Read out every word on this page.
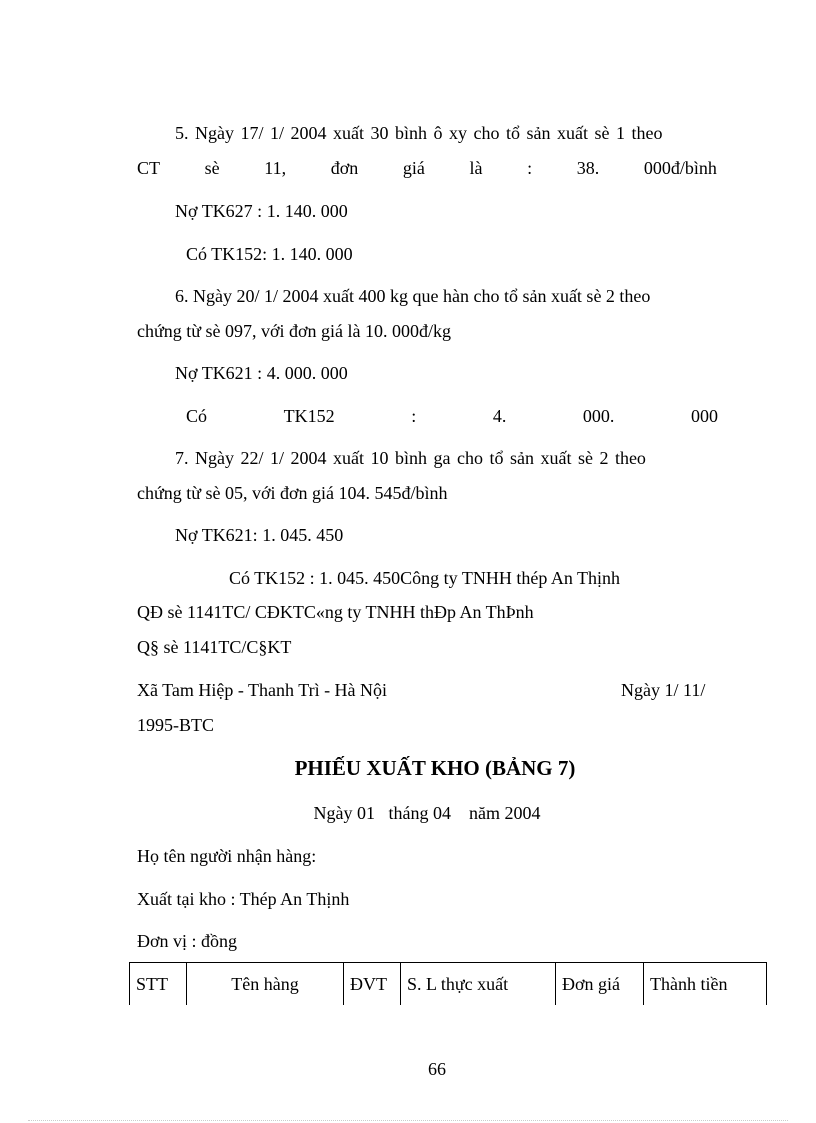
5. Ngày 17/ 1/ 2004 xuất 30 bình ô xy cho tổ sản xuất sè 1 theo
CT sè 11, đơn giá là : 38. 000đ/bình
Nợ TK627 : 1. 140. 000
Có TK152: 1. 140. 000
6. Ngày 20/ 1/ 2004 xuất 400 kg que hàn cho tổ sản xuất sè 2 theo
chứng từ sè 097, với đơn giá là 10. 000đ/kg
Nợ TK621 : 4. 000. 000
Có	TK152	:	4.	000.	000
7. Ngày 22/ 1/ 2004 xuất 10 bình ga cho tổ sản xuất sè 2 theo
chứng từ sè 05, với đơn giá 104. 545đ/bình
Nợ TK621: 1. 045. 450
Có TK152 : 1. 045. 450Công ty TNHH thép An Thịnh
QĐ sè 1141TC/ CĐKTC«ng ty TNHH thÐp An ThÞnh
Q§ sè 1141TC/C§KT
Xã Tam Hiệp - Thanh Trì - Hà Nội	Ngày 1/ 11/
1995-BTC
PHIẾU XUẤT KHO (BẢNG 7)
Ngày 01   tháng 04    năm 2004
Họ tên người nhận hàng:
Xuất tại kho : Thép An Thịnh
Đơn vị : đồng
STT	Tên hàng	ĐVT	S. L thực xuất	Đơn giá	Thành tiền
66
